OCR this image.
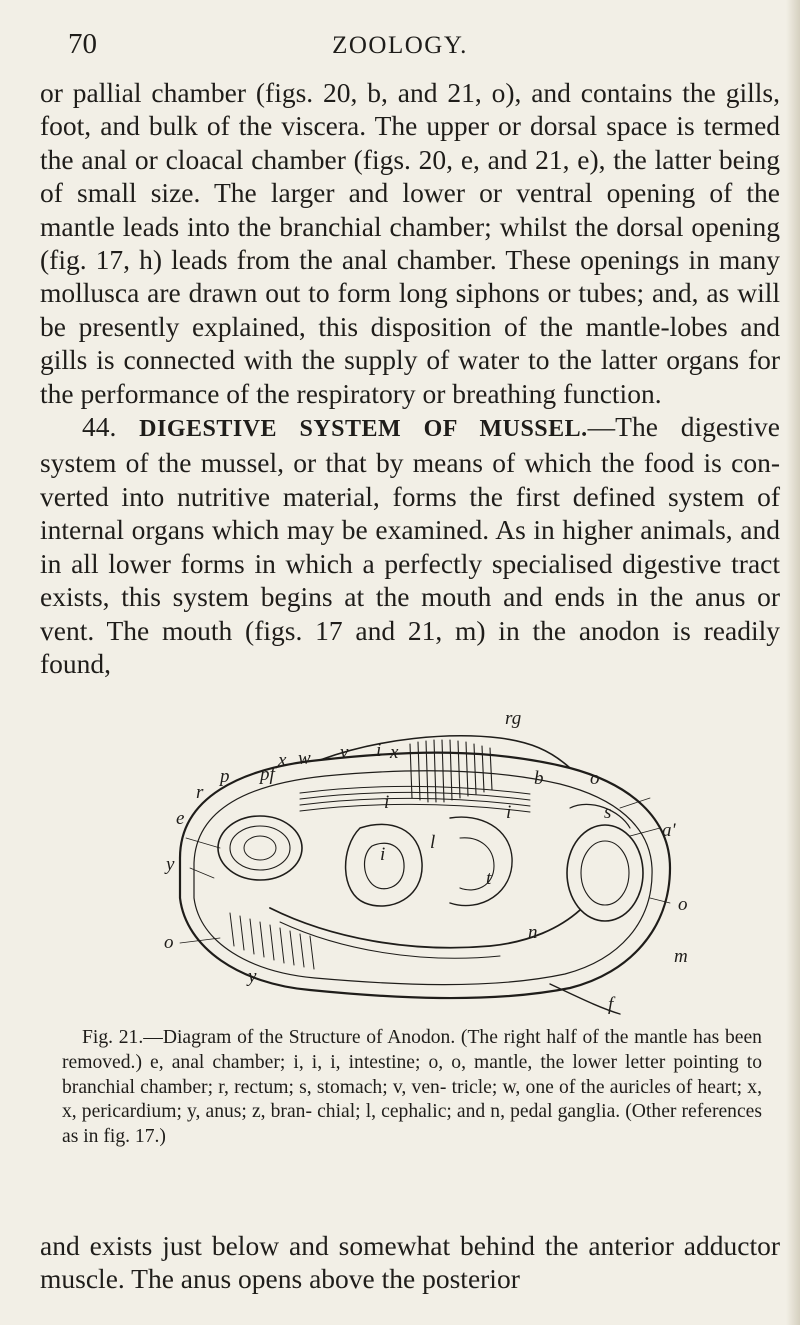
70	ZOOLOGY.

or pallial chamber (figs. 20, b, and 21, o), and contains the gills, foot, and bulk of the viscera. The upper or dorsal space is termed the anal or cloacal chamber (figs. 20, e, and 21, e), the latter being of small size. The larger and lower or ventral opening of the mantle leads into the branchial chamber; whilst the dorsal opening (fig. 17, h) leads from the anal chamber. These openings in many mollusca are drawn out to form long siphons or tubes; and, as will be presently explained, this disposition of the mantle-lobes and gills is connected with the supply of water to the latter organs for the performance of the respiratory or breathing function.

44. DIGESTIVE SYSTEM OF MUSSEL.—The digestive system of the mussel, or that by means of which the food is con- verted into nutritive material, forms the first defined system of internal organs which may be examined. As in higher animals, and in all lower forms in which a perfectly specialised digestive tract exists, this system begins at the mouth and ends in the anus or vent. The mouth (figs. 17 and 21, m) in the anodon is readily found,

rg
x w v i x
pf
p
r
e
y
o
b o
s
a'
i
l
t
n
o
m
y
f
i	i
Fig. 21.—Diagram of the Structure of Anodon. (The right half of the mantle has been removed.) e, anal chamber; i, i, i, intestine; o, o, mantle, the lower letter pointing to branchial chamber; r, rectum; s, stomach; v, ven- tricle; w, one of the auricles of heart; x, x, pericardium; y, anus; z, bran- chial; l, cephalic; and n, pedal ganglia. (Other references as in fig. 17.)

and exists just below and somewhat behind the anterior adductor muscle. The anus opens above the posterior
